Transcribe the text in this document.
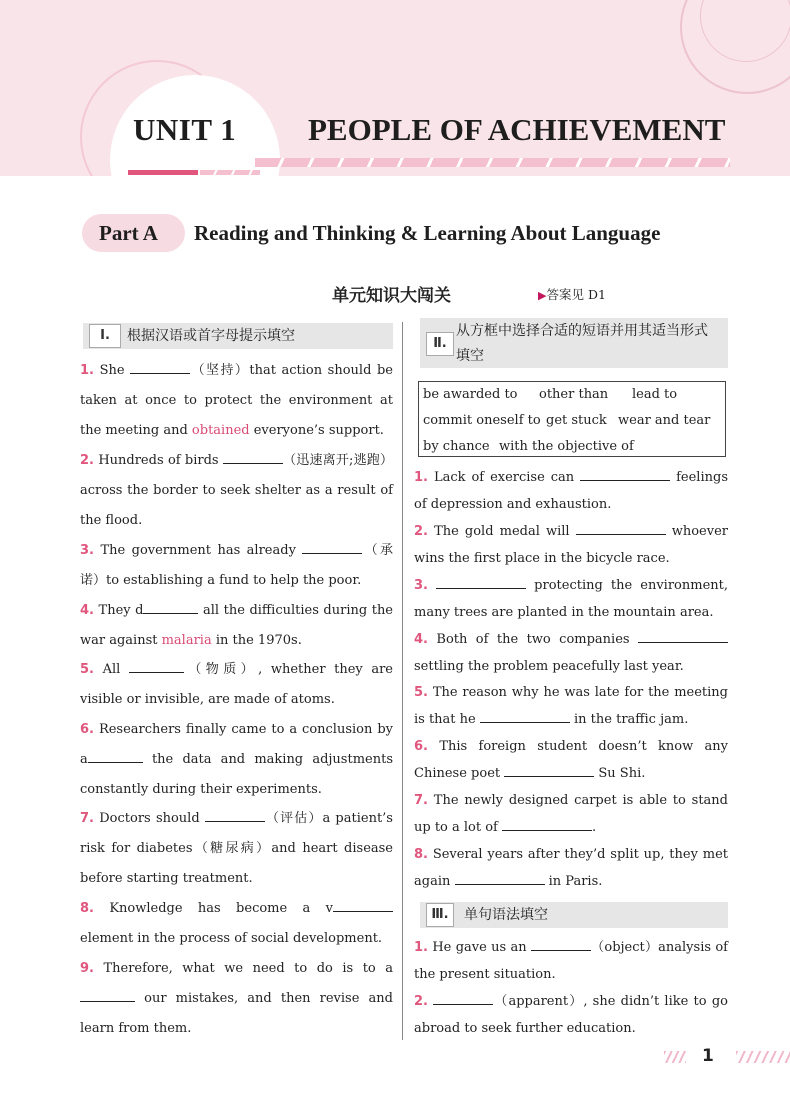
UNIT 1 PEOPLE OF ACHIEVEMENT
Part A Reading and Thinking & Learning About Language
单元知识大闯关	▶答案见 D1
Ⅰ.	根据汉语或首字母提示填空
1. She	（坚持）that action should be taken at once to protect the environment at the meeting and obtained everyone’s support.
2. Hundreds of birds	（迅速离开;逃跑）across the border to seek shelter as a result of the flood.
3. The government has already	（承诺）to establishing a fund to help the poor.
4. They d	all the difficulties during the war against malaria in the 1970s.
5. All	（物质）, whether they are visible or invisible, are made of atoms.
6. Researchers finally came to a conclusion by a	the data and making adjustments constantly during their experiments.
7. Doctors should	（评估）a patient’s risk for diabetes（糖尿病）and heart disease before starting treatment.
8. Knowledge has become a v element in the process of social development.
9. Therefore, what we need to do is to a our mistakes, and then revise and learn from them.
Ⅱ.
从方框中选择合适的短语并用其适当形式
填空
be awarded to other than lead to
commit oneself to get stuck wear and tear
by chance with the objective of
1. Lack of exercise can	feelings of depression and exhaustion.
2. The gold medal will	whoever wins the first place in the bicycle race.
3.	protecting the environment, many trees are planted in the mountain area.
4. Both of the two companies  settling the problem peacefully last year.
5. The reason why he was late for the meeting is that he	in the traffic jam.
6. This foreign student doesn’t know any Chinese poet	Su Shi.
7. The newly designed carpet is able to stand up to a lot of	.
8. Several years after they’d split up, they met again	in Paris.
Ⅲ.	单句语法填空
1. He gave us an	（object）analysis of the present situation.
2.	（apparent）, she didn’t like to go abroad to seek further education.
1
